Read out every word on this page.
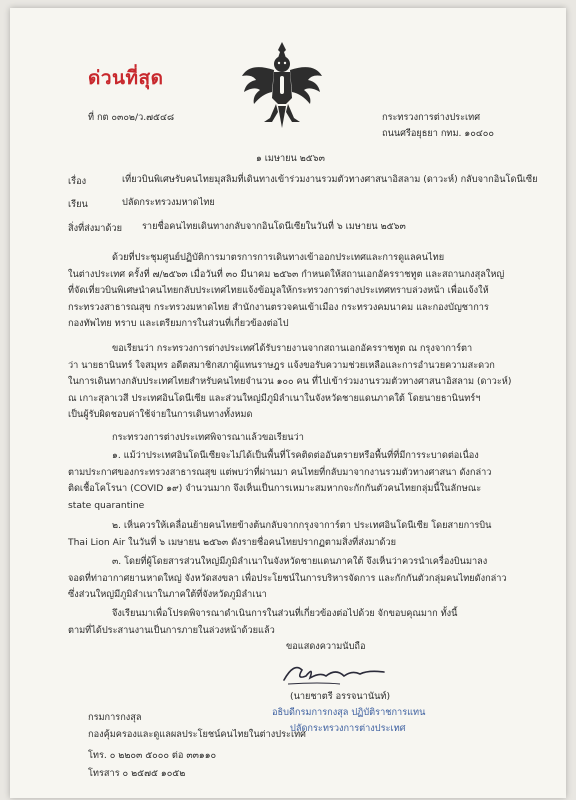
ด่วนที่สุด
ที่ กต ๐๓๐๒/ว.๗๕๔๘	กระทรวงการต่างประเทศ
ถนนศรีอยุธยา กทม. ๑๐๔๐๐
๑ เมษายน ๒๕๖๓
เรื่อง	เที่ยวบินพิเศษรับคนไทยมุสลิมที่เดินทางเข้าร่วมงานรวมตัวทางศาสนาอิสลาม (ดาวะห์) กลับจากอินโดนีเซีย
เรียน	ปลัดกระทรวงมหาดไทย
สิ่งที่ส่งมาด้วย รายชื่อคนไทยเดินทางกลับจากอินโดนีเซียในวันที่ ๖ เมษายน ๒๕๖๓
ด้วยที่ประชุมศูนย์ปฏิบัติการมาตรการการเดินทางเข้าออกประเทศและการดูแลคนไทย
ในต่างประเทศ ครั้งที่ ๗/๒๕๖๓ เมื่อวันที่ ๓๐ มีนาคม ๒๕๖๓ กำหนดให้สถานเอกอัครราชทูต และสถานกงสุลใหญ่
ที่จัดเที่ยวบินพิเศษนำคนไทยกลับประเทศไทยแจ้งข้อมูลให้กระทรวงการต่างประเทศทราบล่วงหน้า เพื่อแจ้งให้
กระทรวงสาธารณสุข กระทรวงมหาดไทย สำนักงานตรวจคนเข้าเมือง กระทรวงคมนาคม และกองบัญชาการ
กองทัพไทย ทราบ และเตรียมการในส่วนที่เกี่ยวข้องต่อไป
ขอเรียนว่า กระทรวงการต่างประเทศได้รับรายงานจากสถานเอกอัครราชทูต ณ กรุงจาการ์ตา
ว่า นายธานินทร์ ใจสมุทร อดีตสมาชิกสภาผู้แทนราษฎร แจ้งขอรับความช่วยเหลือและการอำนวยความสะดวก
ในการเดินทางกลับประเทศไทยสำหรับคนไทยจำนวน ๑๐๐ คน ที่ไปเข้าร่วมงานรวมตัวทางศาสนาอิสลาม (ดาวะห์)
ณ เกาะสุลาเวสี ประเทศอินโดนีเซีย และส่วนใหญ่มีภูมิลำเนาในจังหวัดชายแดนภาคใต้ โดยนายธานินทร์ฯ
เป็นผู้รับผิดชอบค่าใช้จ่ายในการเดินทางทั้งหมด
กระทรวงการต่างประเทศพิจารณาแล้วขอเรียนว่า
๑. แม้ว่าประเทศอินโดนีเซียจะไม่ได้เป็นพื้นที่โรคติดต่ออันตรายหรือพื้นที่ที่มีการระบาดต่อเนื่อง
ตามประกาศของกระทรวงสาธารณสุข แต่พบว่าที่ผ่านมา คนไทยที่กลับมาจากงานรวมตัวทางศาสนา ดังกล่าว
ติดเชื้อโคโรนา (COVID ๑๙) จำนวนมาก จึงเห็นเป็นการเหมาะสมหากจะกักกันตัวคนไทยกลุ่มนี้ในลักษณะ
state quarantine
๒. เห็นควรให้เคลื่อนย้ายคนไทยข้างต้นกลับจากกรุงจาการ์ตา ประเทศอินโดนีเซีย โดยสายการบิน
Thai Lion Air ในวันที่ ๖ เมษายน ๒๕๖๓ ดังรายชื่อคนไทยปรากฏตามสิ่งที่ส่งมาด้วย
๓. โดยที่ผู้โดยสารส่วนใหญ่มีภูมิลำเนาในจังหวัดชายแดนภาคใต้ จึงเห็นว่าควรนำเครื่องบินมาลง
จอดที่ท่าอากาศยานหาดใหญ่ จังหวัดสงขลา เพื่อประโยชน์ในการบริหารจัดการ และกักกันตัวกลุ่มคนไทยดังกล่าว
ซึ่งส่วนใหญ่มีภูมิลำเนาในภาคใต้ที่จังหวัดภูมิลำเนา
จึงเรียนมาเพื่อโปรดพิจารณาดำเนินการในส่วนที่เกี่ยวข้องต่อไปด้วย จักขอบคุณมาก ทั้งนี้
ตามที่ได้ประสานงานเป็นการภายในล่วงหน้าด้วยแล้ว
ขอแสดงความนับถือ
(นายชาตรี อรรจนานันท์)
อธิบดีกรมการกงสุล ปฏิบัติราชการแทน
ปลัดกระทรวงการต่างประเทศ
กรมการกงสุล
กองคุ้มครองและดูแลผลประโยชน์คนไทยในต่างประเทศ
โทร. ๐ ๒๒๐๓ ๕๐๐๐ ต่อ ๓๓๑๑๐
โทรสาร ๐ ๒๕๗๕ ๑๐๕๒
